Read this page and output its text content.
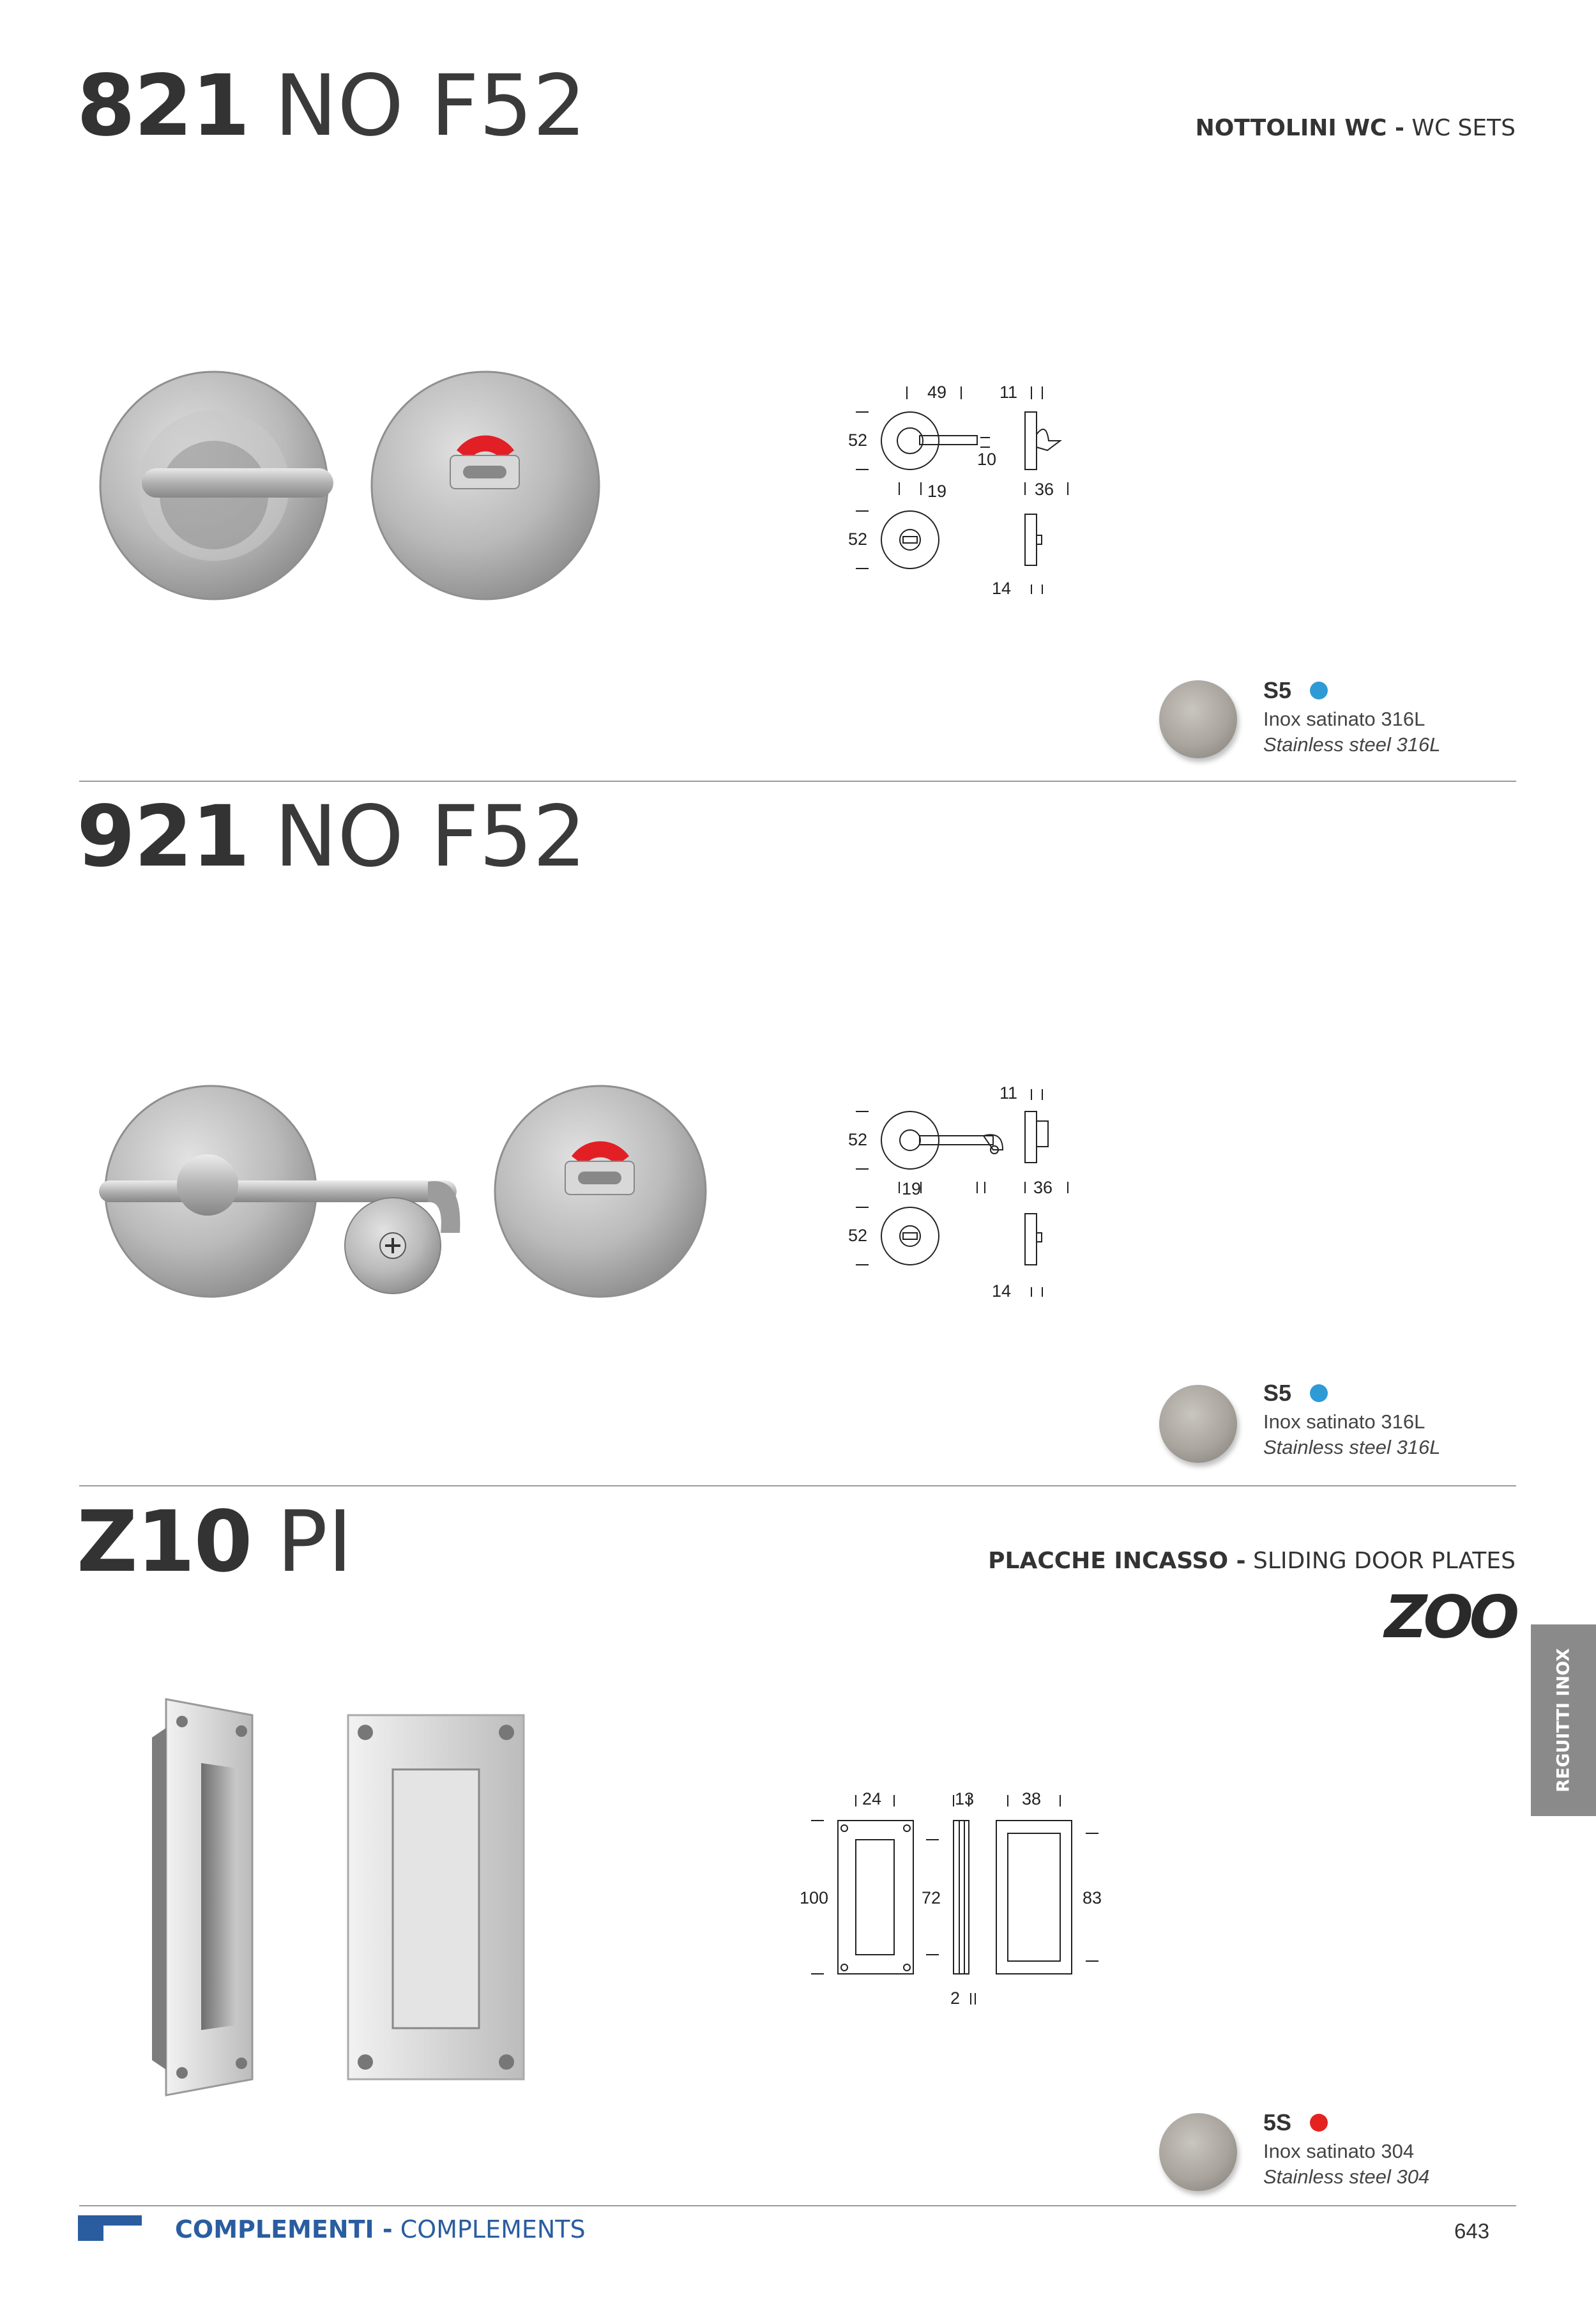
821 NO F52	NOTTOLINI WC - WC SETS
49	11
52
10
19	36
52
14
S5
Inox satinato 316L
Stainless steel 316L
921 NO F52
11
52
19	36
52
14
S5
Inox satinato 316L
Stainless steel 316L
Z10 PI	PLACCHE INCASSO - SLIDING DOOR PLATES
ZOO
24	13	38
100	72	83
2
5S
Inox satinato 304
Stainless steel 304
REGUITTI INOX
COMPLEMENTI - COMPLEMENTS	643
